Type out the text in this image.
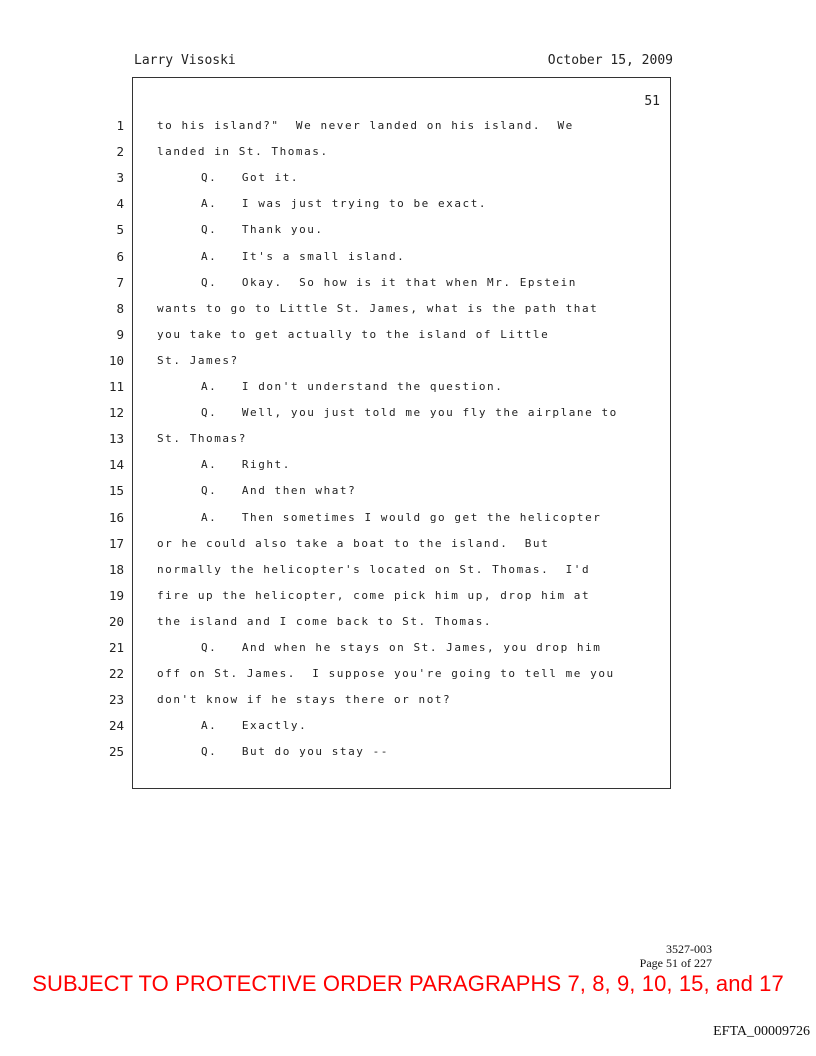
Larry Visoski	October 15, 2009
51
1	to his island?"  We never landed on his island.  We
2	landed in St. Thomas.
3	Q.   Got it.
4	A.   I was just trying to be exact.
5	Q.   Thank you.
6	A.   It's a small island.
7	Q.   Okay.  So how is it that when Mr. Epstein
8	wants to go to Little St. James, what is the path that
9	you take to get actually to the island of Little
10	St. James?
11	A.   I don't understand the question.
12	Q.   Well, you just told me you fly the airplane to
13	St. Thomas?
14	A.   Right.
15	Q.   And then what?
16	A.   Then sometimes I would go get the helicopter
17	or he could also take a boat to the island.  But
18	normally the helicopter's located on St. Thomas.  I'd
19	fire up the helicopter, come pick him up, drop him at
20	the island and I come back to St. Thomas.
21	Q.   And when he stays on St. James, you drop him
22	off on St. James.  I suppose you're going to tell me you
23	don't know if he stays there or not?
24	A.   Exactly.
25	Q.   But do you stay --
3527-003
Page 51 of 227
SUBJECT TO PROTECTIVE ORDER PARAGRAPHS 7, 8, 9, 10, 15, and 17
EFTA_00009726
